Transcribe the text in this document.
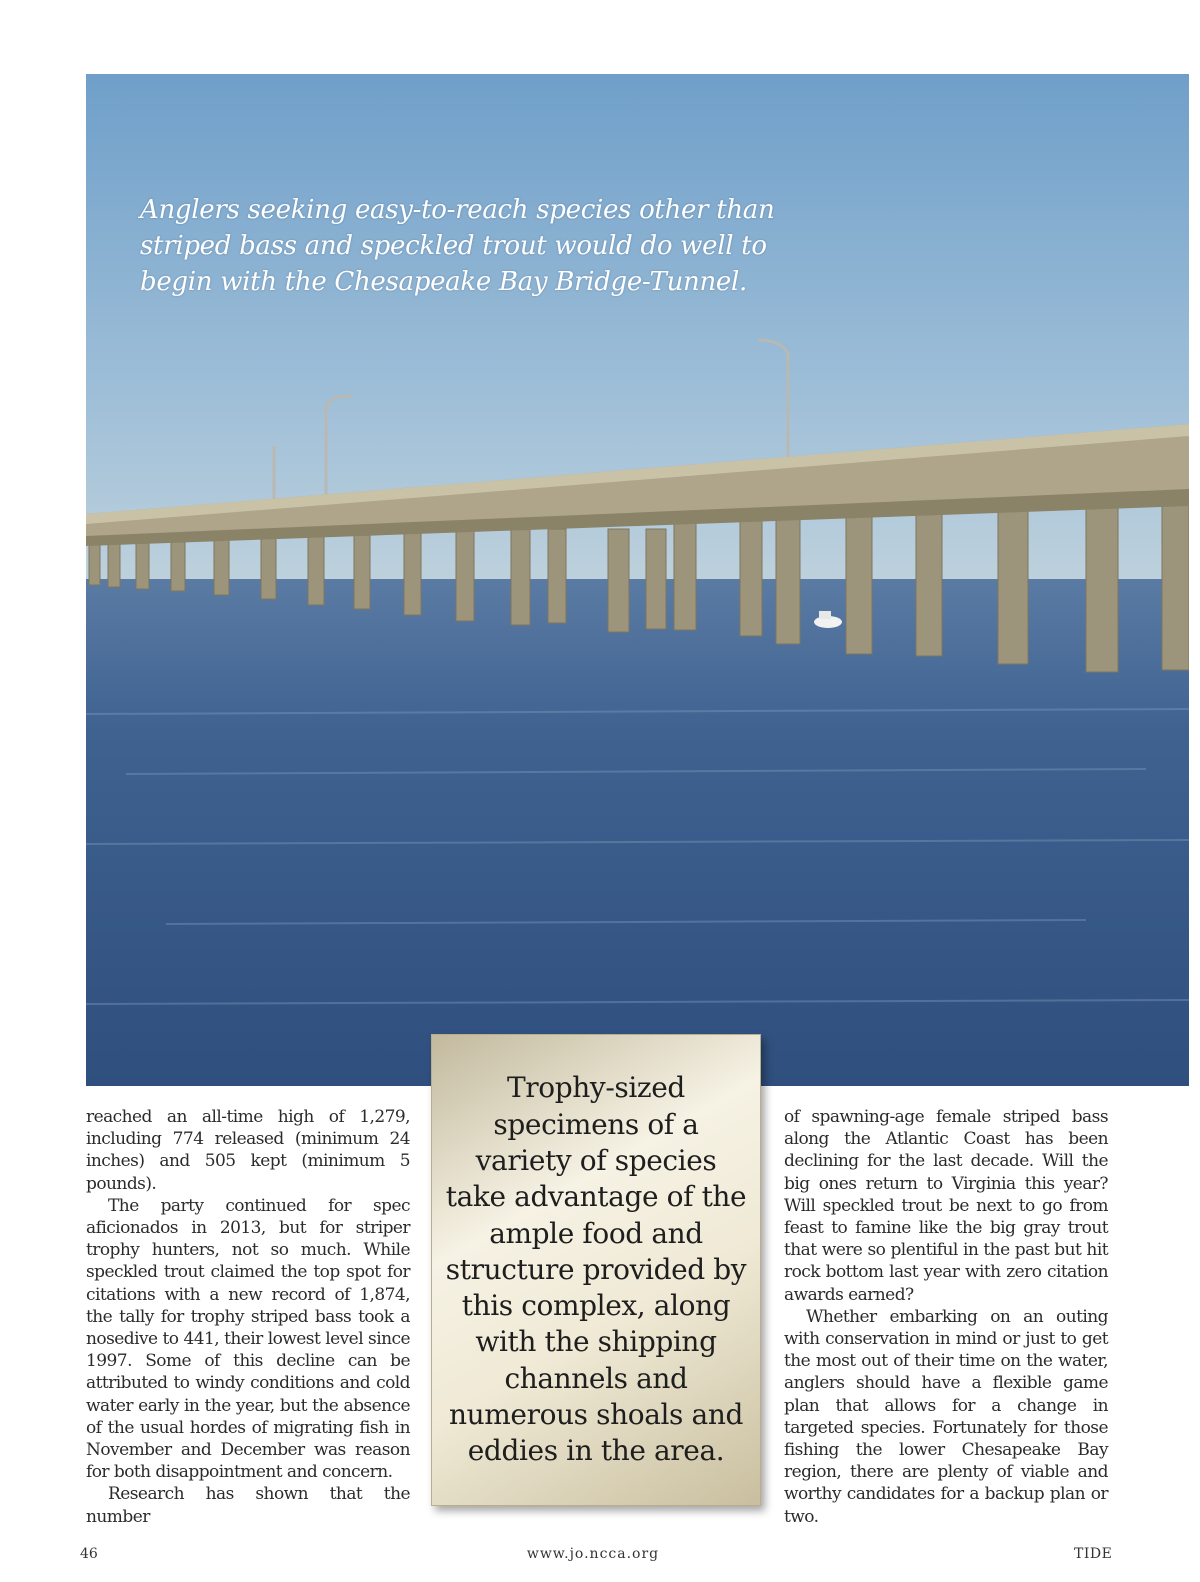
Anglers seeking easy-to-reach species other than striped bass and speckled trout would do well to begin with the Chesapeake Bay Bridge-Tunnel.

reached an all-time high of 1,279, including 774 released (minimum 24 inches) and 505 kept (minimum 5 pounds).

The party continued for spec aficionados in 2013, but for striper trophy hunters, not so much. While speckled trout claimed the top spot for citations with a new record of 1,874, the tally for trophy striped bass took a nosedive to 441, their lowest level since 1997. Some of this decline can be attributed to windy conditions and cold water early in the year, but the absence of the usual hordes of migrating fish in November and December was reason for both disappointment and concern.

Research has shown that the number

Trophy-sized specimens of a variety of species take advantage of the ample food and structure provided by this complex, along with the shipping channels and numerous shoals and eddies in the area.

of spawning-age female striped bass along the Atlantic Coast has been declining for the last decade. Will the big ones return to Virginia this year? Will speckled trout be next to go from feast to famine like the big gray trout that were so plentiful in the past but hit rock bottom last year with zero citation awards earned?

Whether embarking on an outing with conservation in mind or just to get the most out of their time on the water, anglers should have a flexible game plan that allows for a change in targeted species. Fortunately for those fishing the lower Chesapeake Bay region, there are plenty of viable and worthy candidates for a backup plan or two.

46	www.jo.ncca.org	TIDE
